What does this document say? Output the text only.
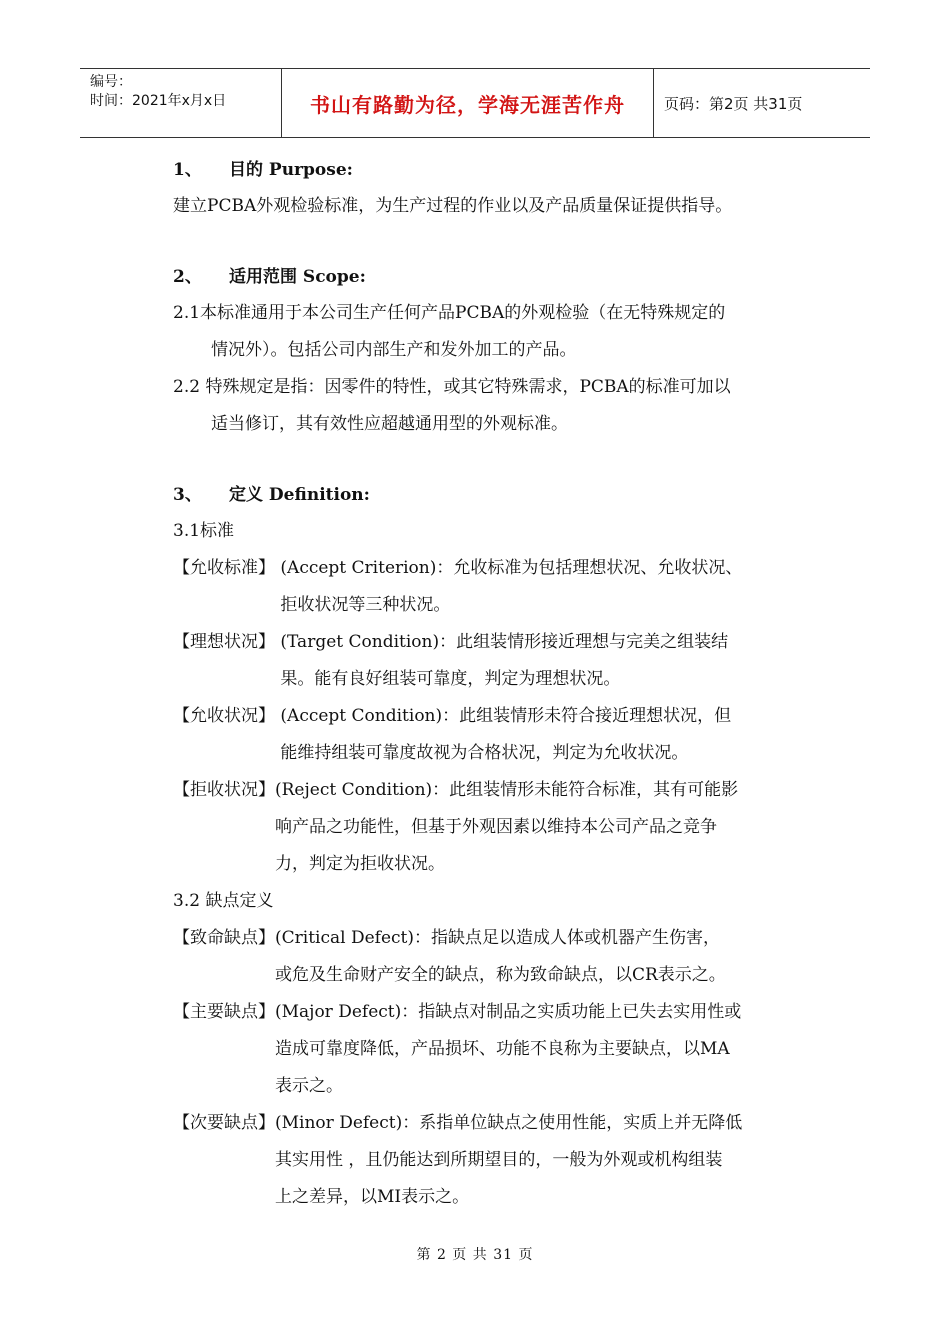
编号：
时间：2021年x月x日	书山有路勤为径，学海无涯苦作舟	页码：第2页 共31页
1、	目的 Purpose:
建立PCBA外观检验标准，为生产过程的作业以及产品质量保证提供指导。
2、	适用范围 Scope:
2.1本标准通用于本公司生产任何产品PCBA的外观检验（在无特殊规定的
情况外）。包括公司内部生产和发外加工的产品。
2.2 特殊规定是指：因零件的特性，或其它特殊需求，PCBA的标准可加以
适当修订，其有效性应超越通用型的外观标准。
3、	定义 Definition:
3.1标准
【允收标准】 (Accept Criterion)：允收标准为包括理想状况、允收状况、
拒收状况等三种状况。
【理想状况】 (Target Condition)：此组装情形接近理想与完美之组装结
果。能有良好组装可靠度，判定为理想状况。
【允收状况】 (Accept Condition)：此组装情形未符合接近理想状况，但
能维持组装可靠度故视为合格状况，判定为允收状况。
【拒收状况】 (Reject Condition)：此组装情形未能符合标准，其有可能影
响产品之功能性，但基于外观因素以维持本公司产品之竞争
力，判定为拒收状况。
3.2 缺点定义
【致命缺点】 (Critical Defect)：指缺点足以造成人体或机器产生伤害，
或危及生命财产安全的缺点，称为致命缺点，以CR表示之。
【主要缺点】 (Major Defect)：指缺点对制品之实质功能上已失去实用性或
造成可靠度降低，产品损坏、功能不良称为主要缺点，以MA
表示之。
【次要缺点】 (Minor Defect)：系指单位缺点之使用性能，实质上并无降低
其实用性 ，且仍能达到所期望目的，一般为外观或机构组装
上之差异，以MI表示之。
第 2 页 共 31 页
